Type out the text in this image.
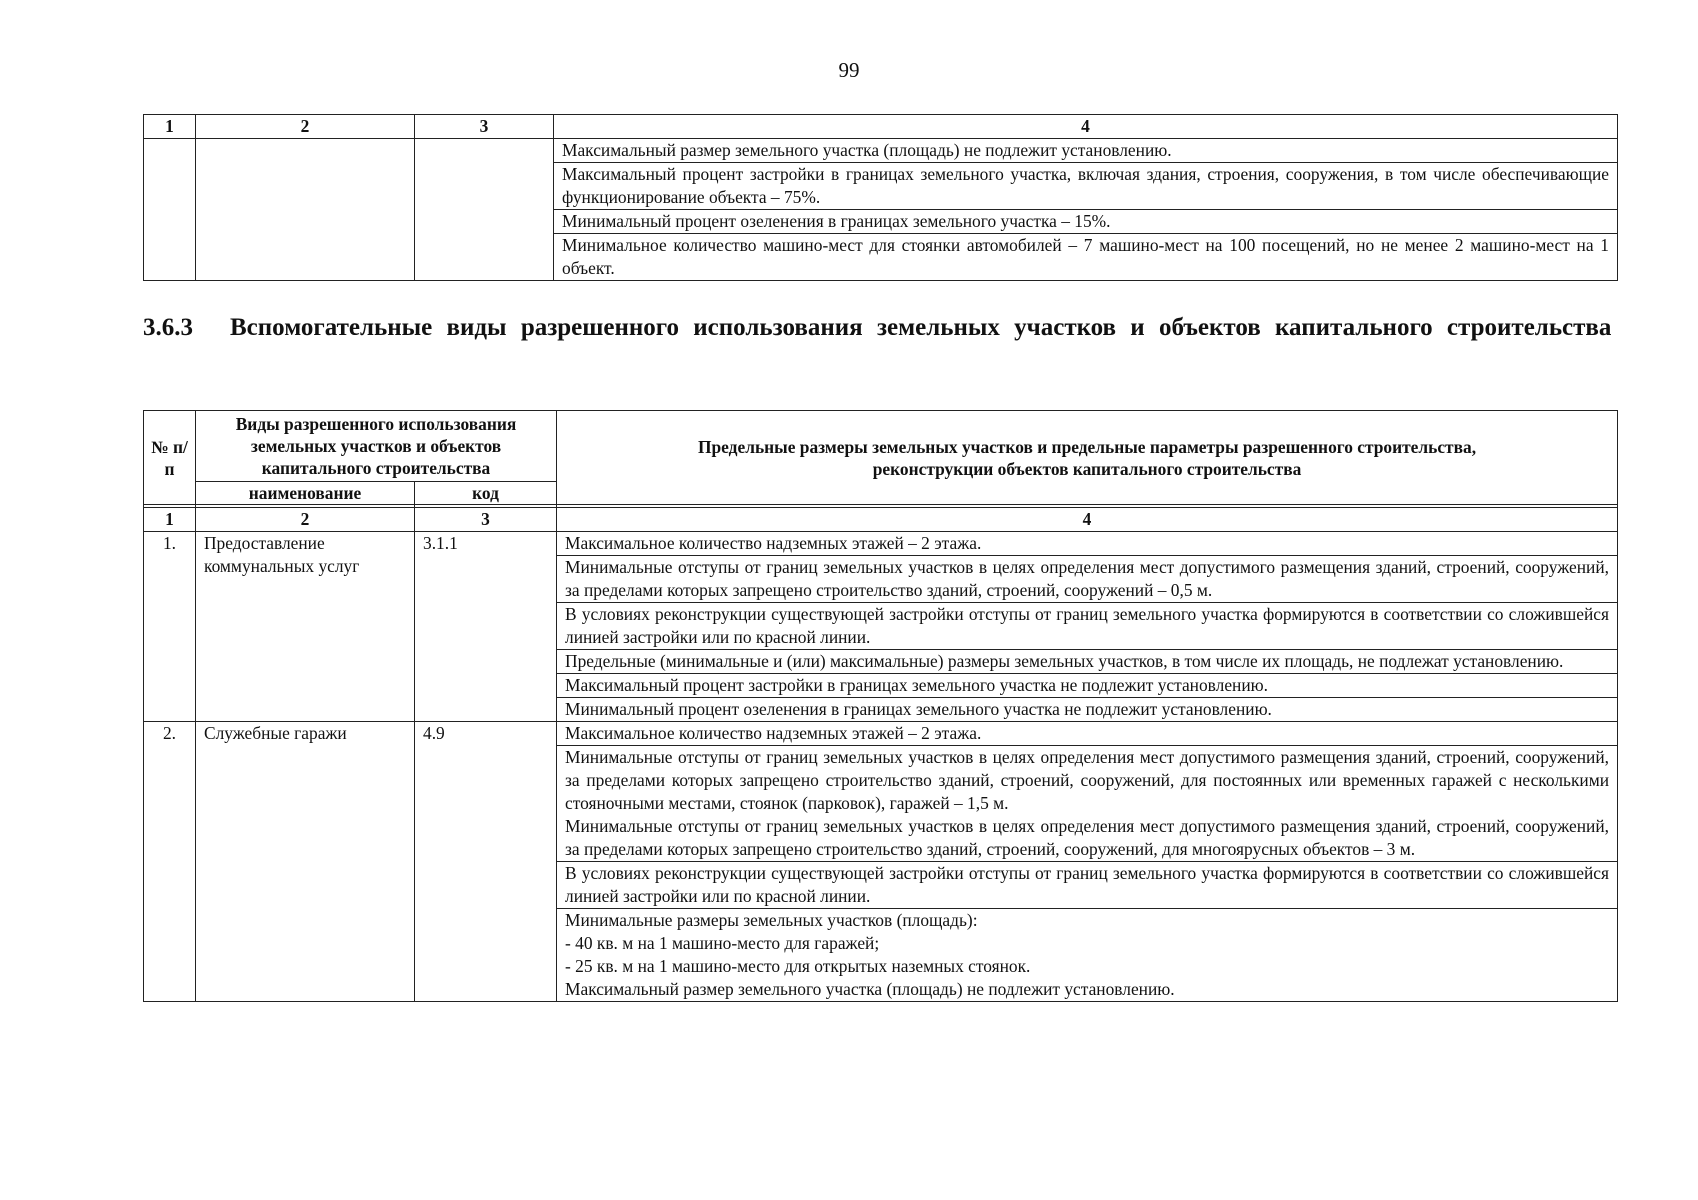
99
1	2	3	4
			Максимальный размер земельного участка (площадь) не подлежит установлению.
			Максимальный процент застройки в границах земельного участка, включая здания, строения, сооружения, в том числе обеспечивающие функционирование объекта – 75%.
			Минимальный процент озеленения в границах земельного участка – 15%.
			Минимальное количество машино-мест для стоянки автомобилей – 7 машино-мест на 100 посещений, но не менее 2 машино-мест на 1 объект.
3.6.3	Вспомогательные виды разрешенного использования земельных участков и объектов капитального строительства
№ п/п	Виды разрешенного использования земельных участков и объектов капитального строительства		Предельные размеры земельных участков и предельные параметры разрешенного строительства, реконструкции объектов капитального строительства
	наименование	код	

1	2	3	4
1.	Предоставление коммунальных услуг	3.1.1	Максимальное количество надземных этажей – 2 этажа.
			Минимальные отступы от границ земельных участков в целях определения мест допустимого размещения зданий, строений, сооружений, за пределами которых запрещено строительство зданий, строений, сооружений – 0,5 м.
			В условиях реконструкции существующей застройки отступы от границ земельного участка формируются в соответствии со сложившейся линией застройки или по красной линии.
			Предельные (минимальные и (или) максимальные) размеры земельных участков, в том числе их площадь, не подлежат установлению.
			Максимальный процент застройки в границах земельного участка не подлежит установлению.
			Минимальный процент озеленения в границах земельного участка не подлежит установлению.
2.	Служебные гаражи	4.9	Максимальное количество надземных этажей – 2 этажа.

			Минимальные отступы от границ земельных участков в целях определения мест допустимого размещения зданий, строений, сооружений, за пределами которых запрещено строительство зданий, строений, сооружений, для постоянных или временных гаражей с несколькими стояночными местами, стоянок (парковок), гаражей – 1,5 м.
Минимальные отступы от границ земельных участков в целях определения мест допустимого размещения зданий, строений, сооружений, за пределами которых запрещено строительство зданий, строений, сооружений, для многоярусных объектов – 3 м.

			В условиях реконструкции существующей застройки отступы от границ земельного участка формируются в соответствии со сложившейся линией застройки или по красной линии.

			Минимальные размеры земельных участков (площадь):
- 40 кв. м на 1 машино-место для гаражей;
- 25 кв. м на 1 машино-место для открытых наземных стоянок.
Максимальный размер земельного участка (площадь) не подлежит установлению.
